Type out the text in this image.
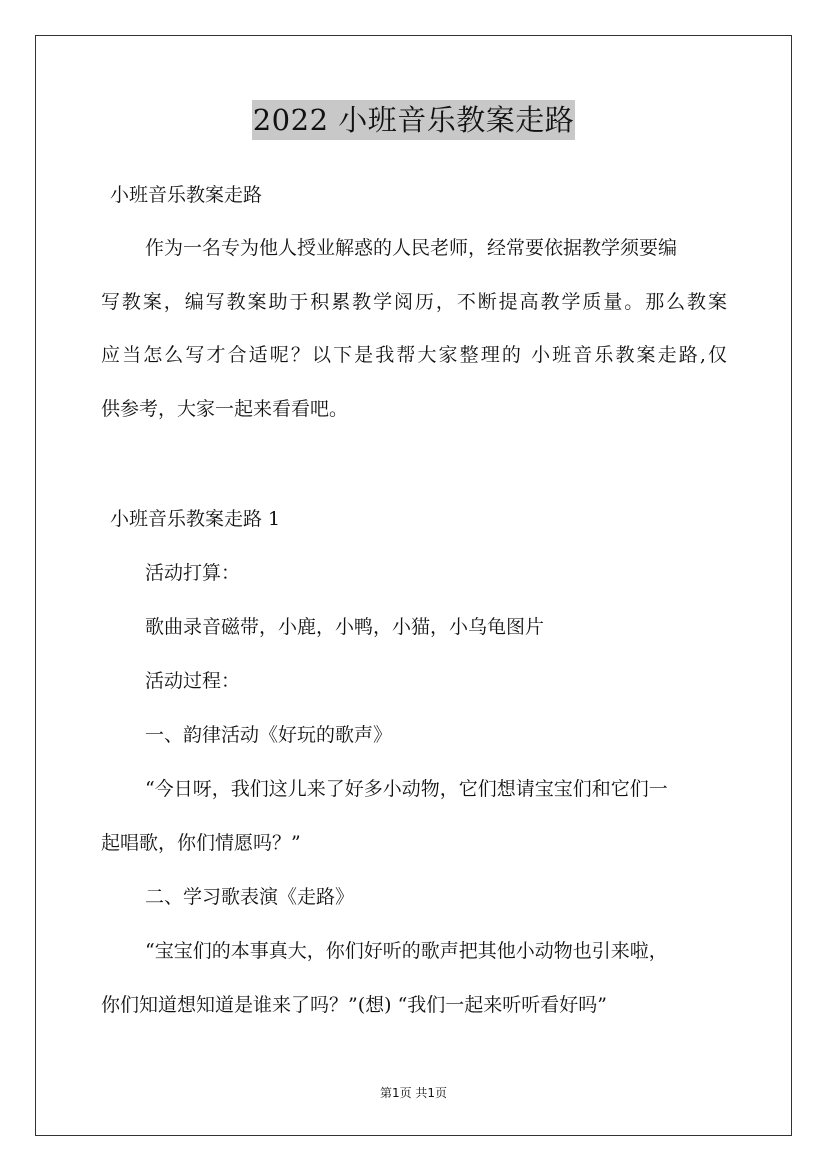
2022 小班音乐教案走路
小班音乐教案走路
作为一名专为他人授业解惑的人民老师，经常要依据教学须要编
写教案，编写教案助于积累教学阅历，不断提高教学质量。那么教案
应当怎么写才合适呢？以下是我帮大家整理的 小班音乐教案走路,仅
供参考，大家一起来看看吧。
小班音乐教案走路 1
活动打算：
歌曲录音磁带，小鹿，小鸭，小猫，小乌龟图片
活动过程：
一、韵律活动《好玩的歌声》
“今日呀，我们这儿来了好多小动物，它们想请宝宝们和它们一
起唱歌，你们情愿吗？”
二、学习歌表演《走路》
“宝宝们的本事真大，你们好听的歌声把其他小动物也引来啦，
你们知道想知道是谁来了吗？”(想) “我们一起来听听看好吗”
第1页 共1页
